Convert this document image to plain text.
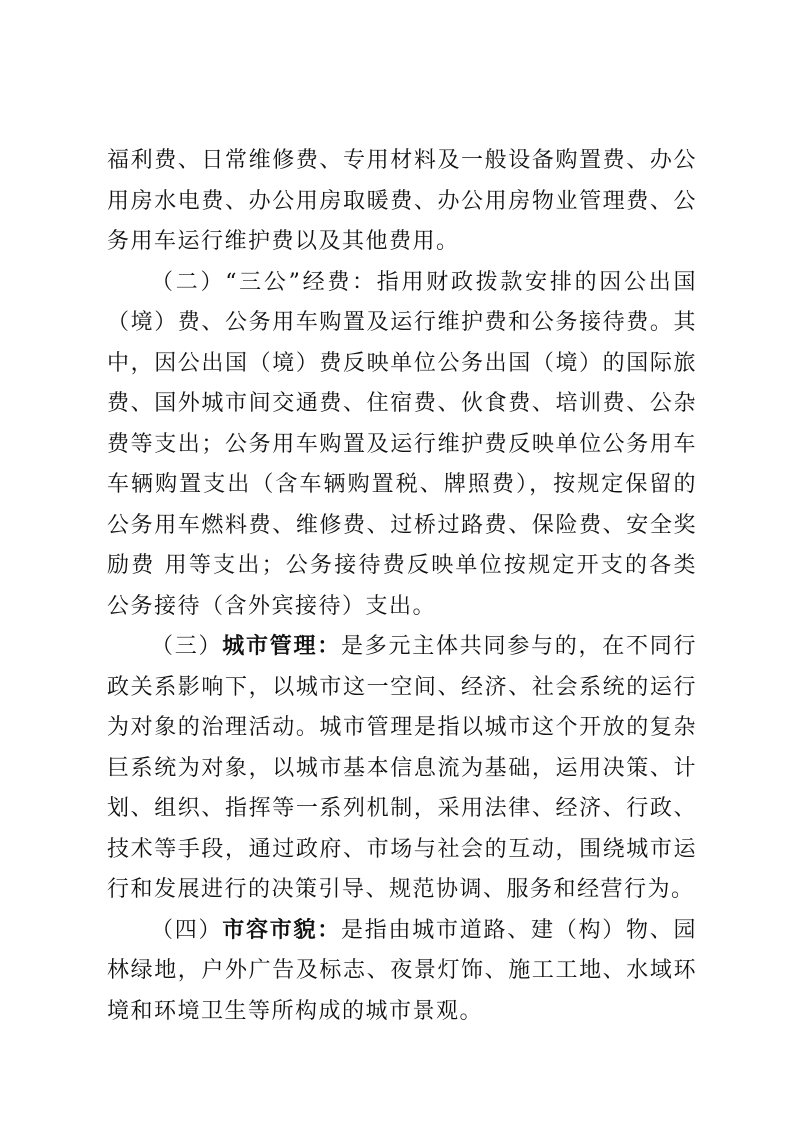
福利费、日常维修费、专用材料及一般设备购置费、办公用房水电费、办公用房取暖费、办公用房物业管理费、公务用车运行维护费以及其他费用。

（二）“三公”经费：指用财政拨款安排的因公出国（境）费、公务用车购置及运行维护费和公务接待费。其中，因公出国（境）费反映单位公务出国（境）的国际旅费、国外城市间交通费、住宿费、伙食费、培训费、公杂费等支出；公务用车购置及运行维护费反映单位公务用车车辆购置支出（含车辆购置税、牌照费），按规定保留的公务用车燃料费、维修费、过桥过路费、保险费、安全奖励费 用等支出；公务接待费反映单位按规定开支的各类公务接待（含外宾接待）支出。

（三）城市管理：是多元主体共同参与的，在不同行政关系影响下，以城市这一空间、经济、社会系统的运行为对象的治理活动。城市管理是指以城市这个开放的复杂巨系统为对象，以城市基本信息流为基础，运用决策、计划、组织、指挥等一系列机制，采用法律、经济、行政、技术等手段，通过政府、市场与社会的互动，围绕城市运行和发展进行的决策引导、规范协调、服务和经营行为。

（四）市容市貌：是指由城市道路、建（构）物、园林绿地，户外广告及标志、夜景灯饰、施工工地、水域环境和环境卫生等所构成的城市景观。
